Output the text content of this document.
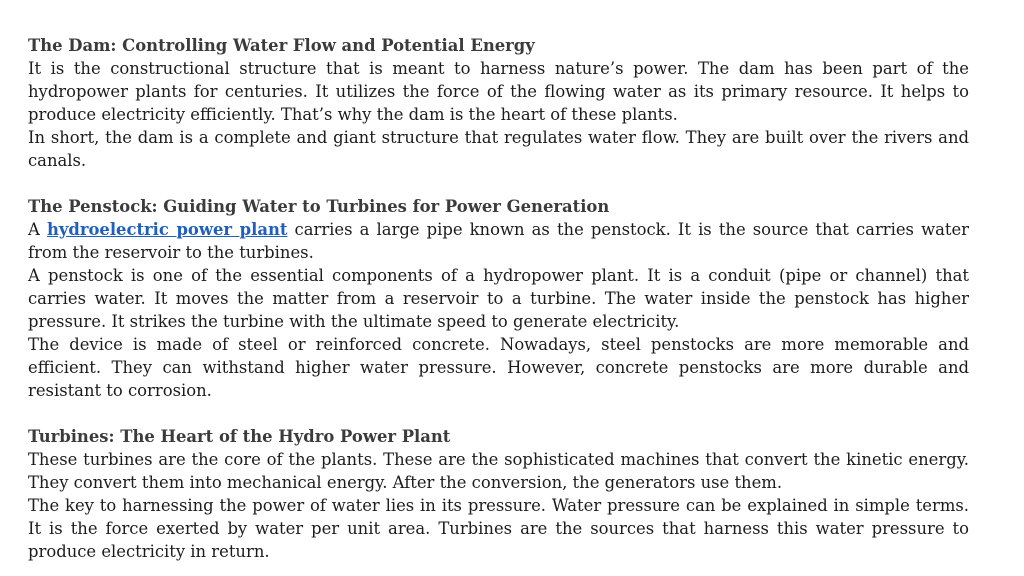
The Dam: Controlling Water Flow and Potential Energy

It is the constructional structure that is meant to harness nature’s power. The dam has been part of the hydropower plants for centuries. It utilizes the force of the flowing water as its primary resource. It helps to produce electricity efficiently. That’s why the dam is the heart of these plants.

In short, the dam is a complete and giant structure that regulates water flow. They are built over the rivers and canals.

The Penstock: Guiding Water to Turbines for Power Generation

A hydroelectric power plant carries a large pipe known as the penstock. It is the source that carries water from the reservoir to the turbines.

A penstock is one of the essential components of a hydropower plant. It is a conduit (pipe or channel) that carries water. It moves the matter from a reservoir to a turbine. The water inside the penstock has higher pressure. It strikes the turbine with the ultimate speed to generate electricity.

The device is made of steel or reinforced concrete. Nowadays, steel penstocks are more memorable and efficient. They can withstand higher water pressure. However, concrete penstocks are more durable and resistant to corrosion.

Turbines: The Heart of the Hydro Power Plant

These turbines are the core of the plants. These are the sophisticated machines that convert the kinetic energy. They convert them into mechanical energy. After the conversion, the generators use them.

The key to harnessing the power of water lies in its pressure. Water pressure can be explained in simple terms. It is the force exerted by water per unit area. Turbines are the sources that harness this water pressure to produce electricity in return.
